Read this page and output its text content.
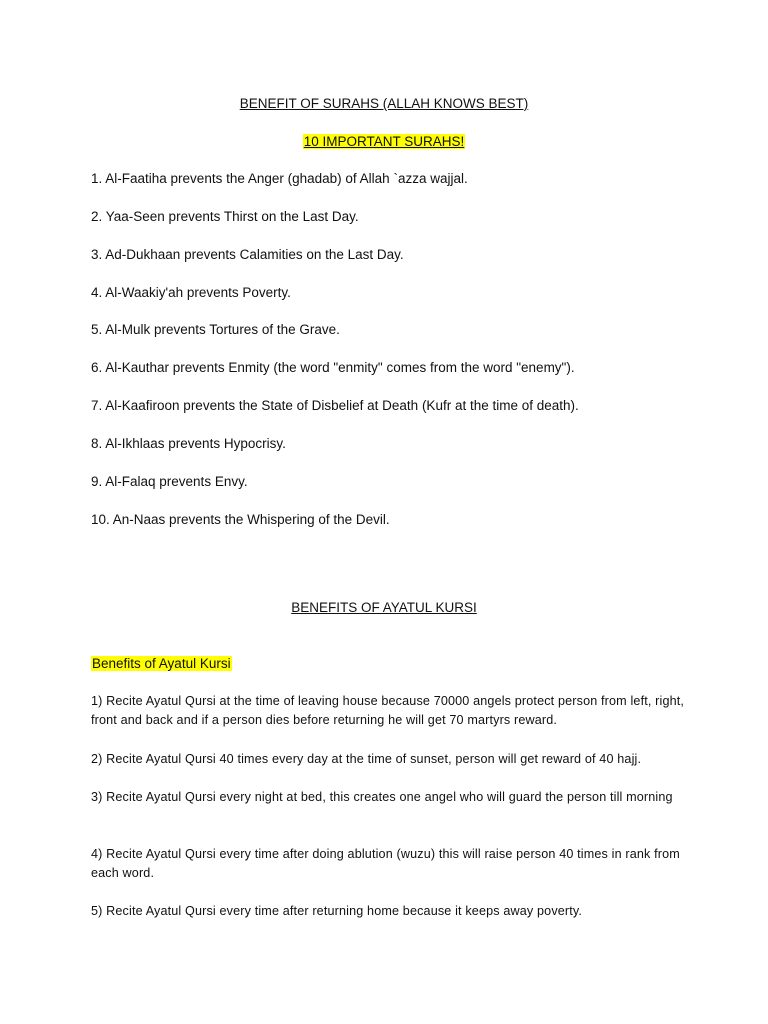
BENEFIT OF SURAHS (ALLAH KNOWS BEST)
10 IMPORTANT SURAHS!
1. Al-Faatiha prevents the Anger (ghadab) of Allah `azza wajjal.
2. Yaa-Seen prevents Thirst on the Last Day.
3. Ad-Dukhaan prevents Calamities on the Last Day.
4. Al-Waakiy'ah prevents Poverty.
5. Al-Mulk prevents Tortures of the Grave.
6. Al-Kauthar prevents Enmity (the word "enmity" comes from the word "enemy").
7. Al-Kaafiroon prevents the State of Disbelief at Death (Kufr at the time of death).
8. Al-Ikhlaas prevents Hypocrisy.
9. Al-Falaq prevents Envy.
10. An-Naas prevents the Whispering of the Devil.
BENEFITS OF AYATUL KURSI
Benefits of Ayatul Kursi
1) Recite Ayatul Qursi at the time of leaving house because 70000 angels protect person from left, right, front and back and if a person dies before returning he will get 70 martyrs reward.
2) Recite Ayatul Qursi 40 times every day at the time of sunset, person will get reward of 40 hajj.
3) Recite Ayatul Qursi every night at bed, this creates one angel who will guard the person till morning
4) Recite Ayatul Qursi every time after doing ablution (wuzu) this will raise person 40 times in rank from each word.
5) Recite Ayatul Qursi every time after returning home because it keeps away poverty.
